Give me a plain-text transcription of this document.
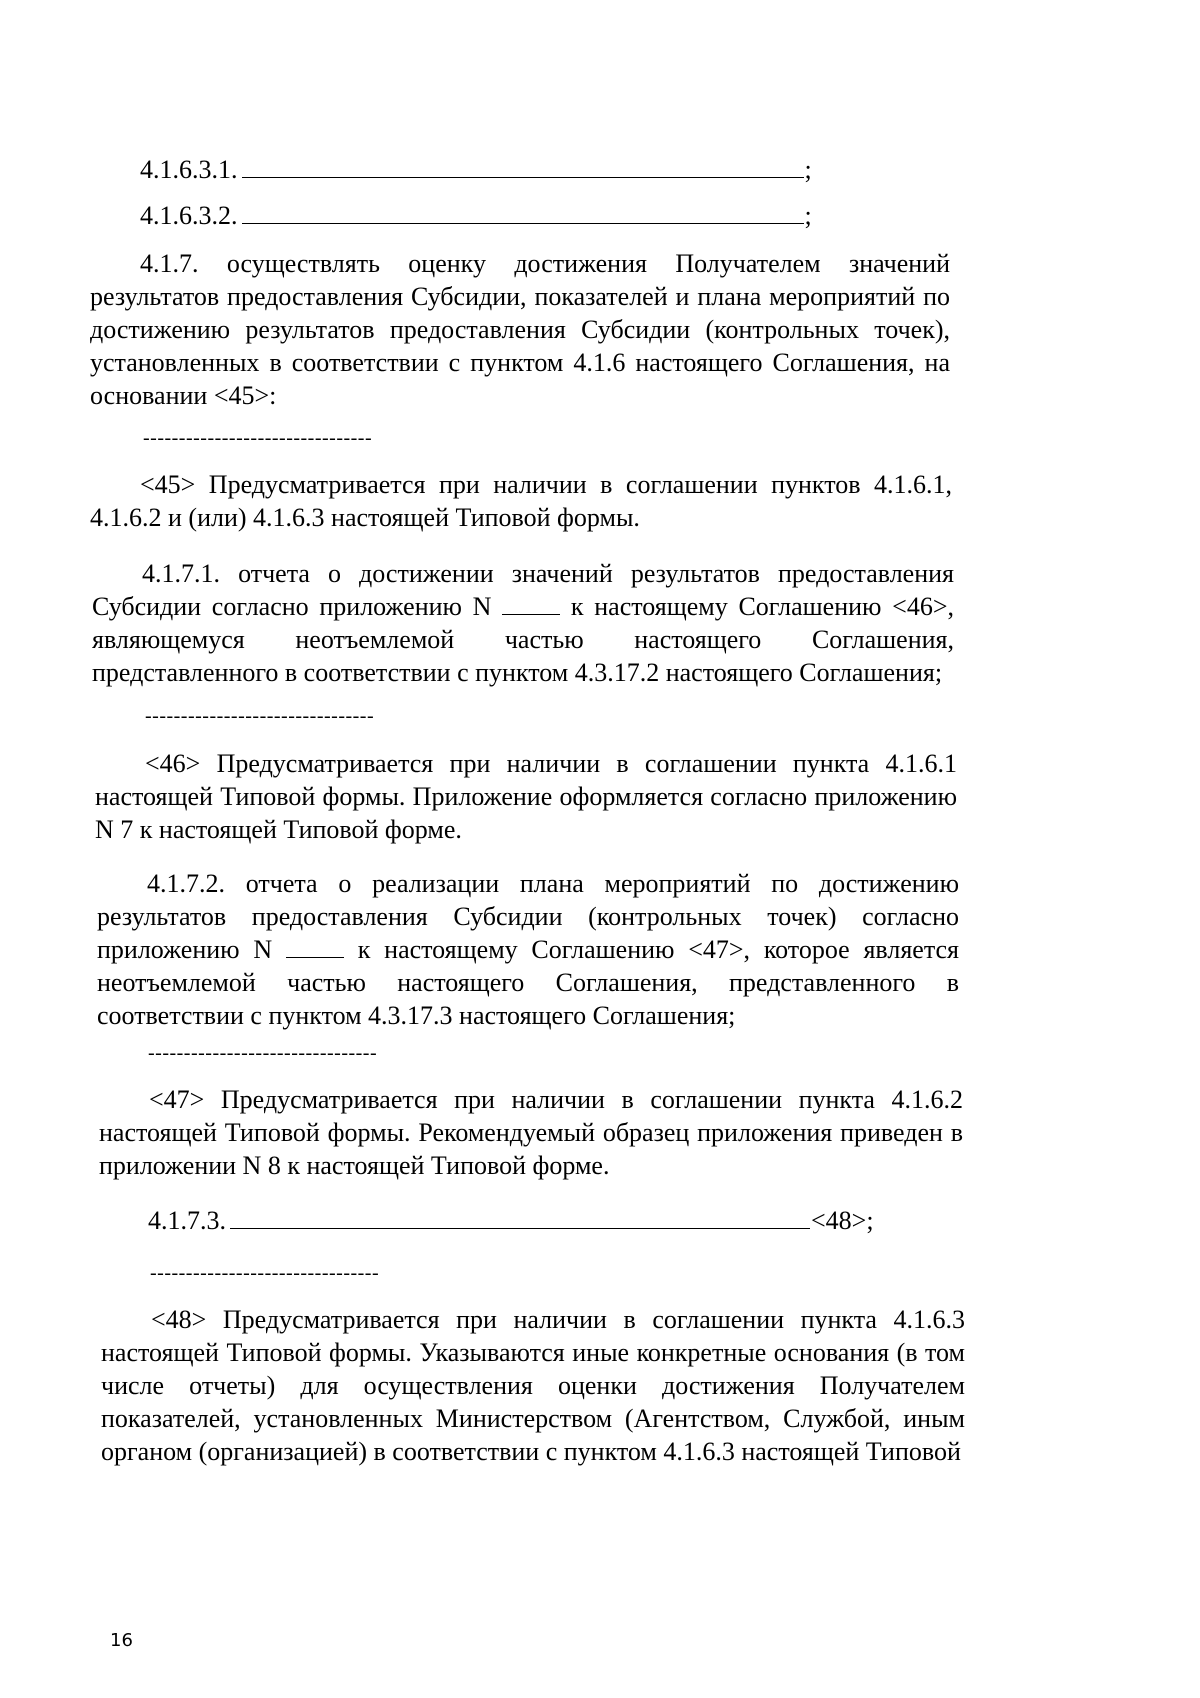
4.1.6.3.1.	;
4.1.6.3.2.	;
4.1.7. осуществлять оценку достижения Получателем значений результатов предоставления Субсидии, показателей и плана мероприятий по достижению результатов предоставления Субсидии (контрольных точек), установленных в соответствии с пунктом 4.1.6 настоящего Соглашения, на основании <45>:
--------------------------------
<45> Предусматривается при наличии в соглашении пунктов 4.1.6.1, 4.1.6.2 и (или) 4.1.6.3 настоящей Типовой формы.
4.1.7.1. отчета о достижении значений результатов предоставления Субсидии согласно приложению N	к настоящему Соглашению <46>, являющемуся неотъемлемой частью настоящего Соглашения, представленного в соответствии с пунктом 4.3.17.2 настоящего Соглашения;
--------------------------------
<46> Предусматривается при наличии в соглашении пункта 4.1.6.1 настоящей Типовой формы. Приложение оформляется согласно приложению N 7 к настоящей Типовой форме.
4.1.7.2. отчета о реализации плана мероприятий по достижению результатов предоставления Субсидии (контрольных точек) согласно приложению N	к настоящему Соглашению <47>, которое является неотъемлемой частью настоящего Соглашения, представленного в соответствии с пунктом 4.3.17.3 настоящего Соглашения;
--------------------------------
<47> Предусматривается при наличии в соглашении пункта 4.1.6.2 настоящей Типовой формы. Рекомендуемый образец приложения приведен в приложении N 8 к настоящей Типовой форме.
4.1.7.3.	<48>;
--------------------------------
<48> Предусматривается при наличии в соглашении пункта 4.1.6.3 настоящей Типовой формы. Указываются иные конкретные основания (в том числе отчеты) для осуществления оценки достижения Получателем показателей, установленных Министерством (Агентством, Службой, иным органом (организацией) в соответствии с пунктом 4.1.6.3 настоящей Типовой
16
